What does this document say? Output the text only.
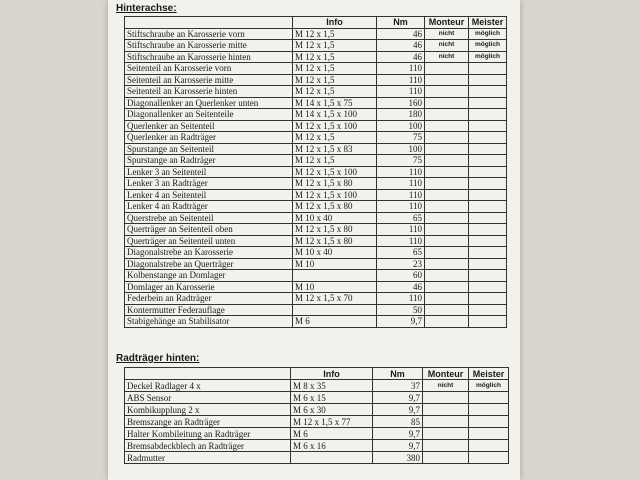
Hinterachse:
	Info	Nm	Monteur	Meister
Stiftschraube an Karosserie vorn	M 12 x 1,5	46	nicht	möglich
Stiftschraube an Karosserie mitte	M 12 x 1,5	46	nicht	möglich
Stiftschraube an Karosserie hinten	M 12 x 1,5	46	nicht	möglich
Seitenteil an Karosserie vorn	M 12 x 1,5	110		
Seitenteil an Karosserie mitte	M 12 x 1,5	110		
Seitenteil an Karosserie hinten	M 12 x 1,5	110		
Diagonallenker an Querlenker unten	M 14 x 1,5 x 75	160		
Diagonallenker an Seitenteile	M 14 x 1,5 x 100	180		
Querlenker an Seitenteil	M 12 x 1,5 x 100	100		
Querlenker an Radträger	M 12 x 1,5	75		
Spurstange an Seitenteil	M 12 x 1,5 x 83	100		
Spurstange an Radträger	M 12 x 1,5	75		
Lenker 3 an Seitenteil	M 12 x 1,5 x 100	110		
Lenker 3 an Radträger	M 12 x 1,5 x 80	110		
Lenker 4 an Seitenteil	M 12 x 1,5 x 100	110		
Lenker 4 an Radträger	M 12 x 1,5 x 80	110		
Querstrebe an Seitenteil	M 10 x 40	65		
Querträger an Seitenteil oben	M 12 x 1,5 x 80	110		
Querträger an Seitenteil unten	M 12 x 1,5 x 80	110		
Diagonalstrebe an Karosserie	M 10 x 40	65		
Diagonalstrebe an Querträger	M 10	23		
Kolbenstange an Domlager		60		
Domlager an Karosserie	M 10	46		
Federbein an Radträger	M 12 x 1,5 x 70	110		
Kontermutter Federauflage		50		
Stabigehänge an Stabilisator	M 6	9,7		
Radträger hinten:
	Info	Nm	Monteur	Meister
Deckel Radlager 4 x	M 8 x 35	37	nicht	möglich
ABS Sensor	M 6 x 15	9,7		
Kombikupplung 2 x	M 6 x 30	9,7		
Bremszange an Radträger	M 12 x 1,5 x 77	85		
Halter Kombileitung an Radträger	M 6	9,7		
Bremsabdeckblech an Radträger	M 6 x 16	9,7		
Radmutter		380		
